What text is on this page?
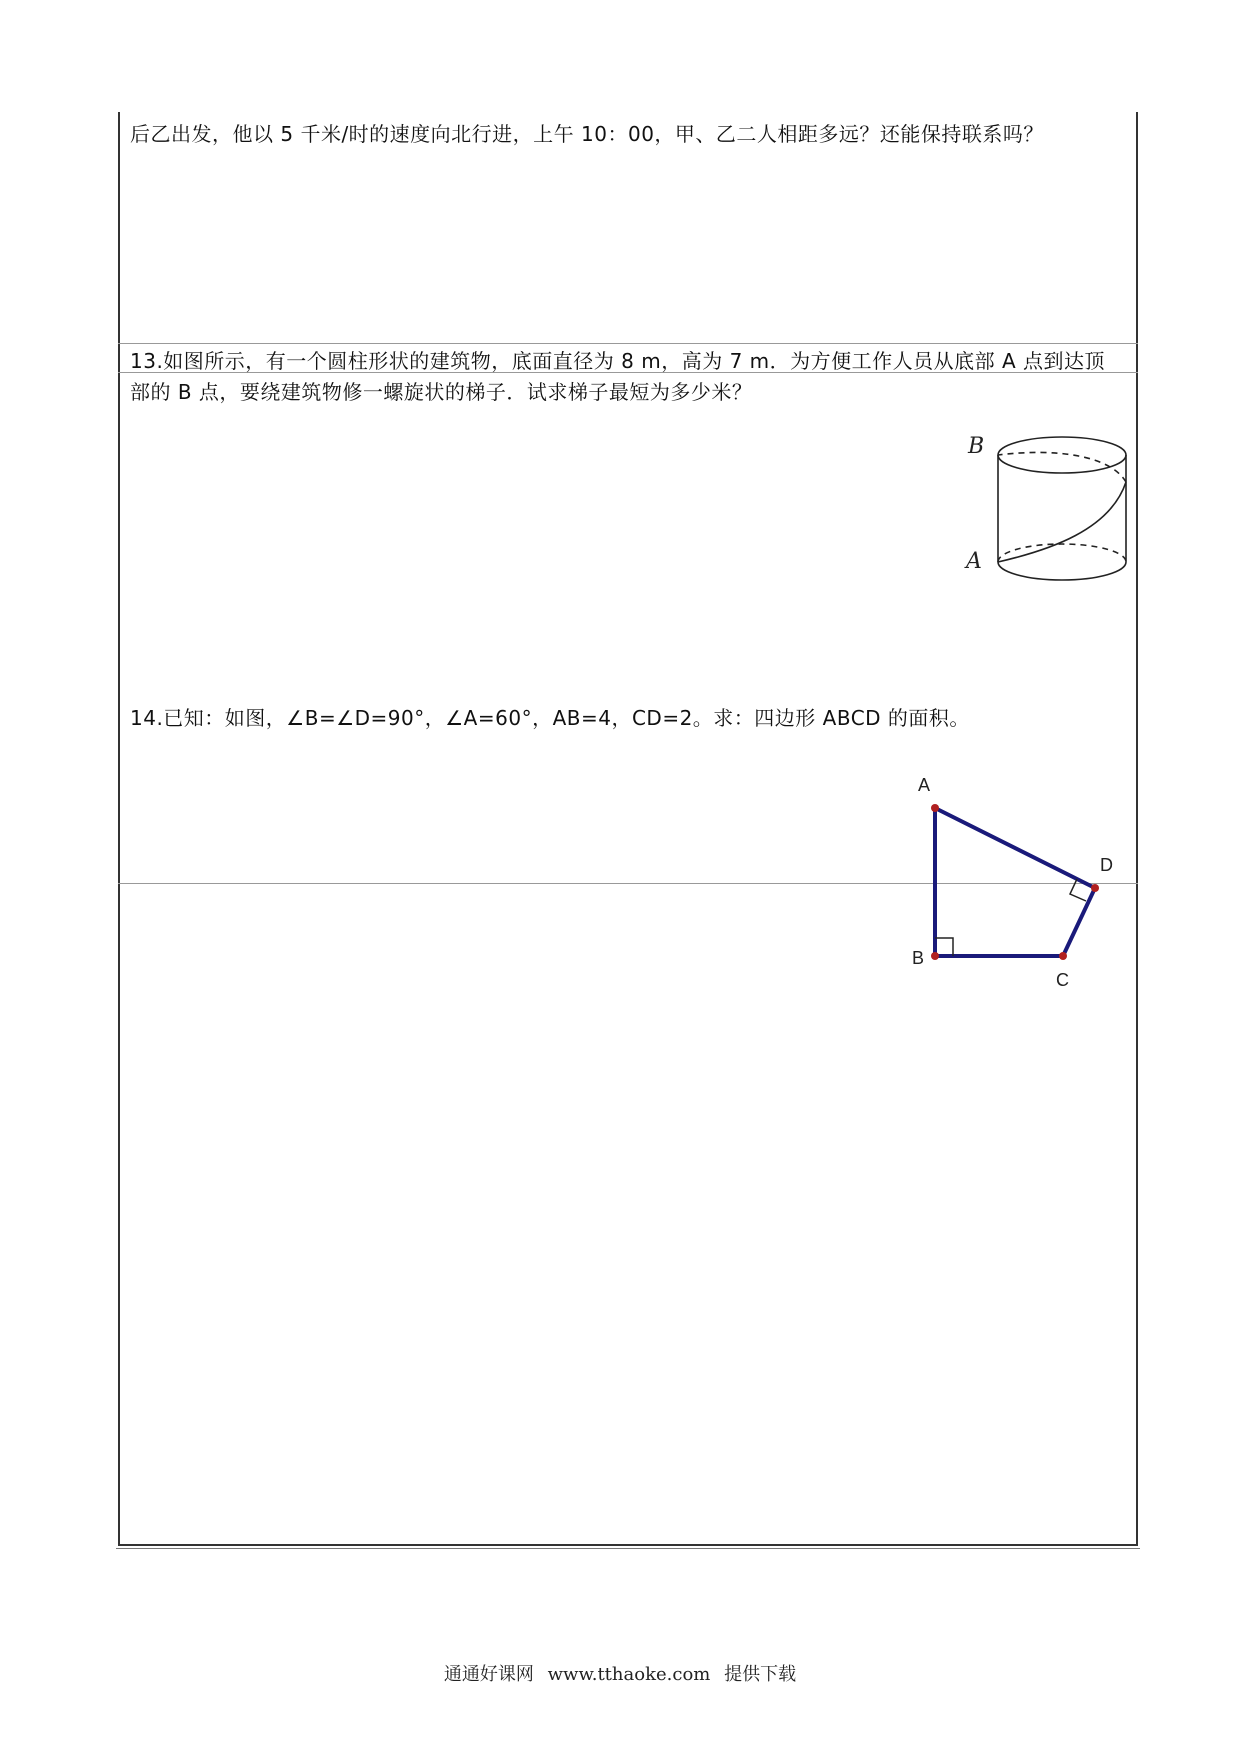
后乙出发，他以 5 千米/时的速度向北行进，上午 10：00，甲、乙二人相距多远？还能保持联系吗？
13.如图所示，有一个圆柱形状的建筑物，底面直径为 8 m，高为 7 m．为方便工作人员从底部 A 点到达顶
部的 B 点，要绕建筑物修一螺旋状的梯子．试求梯子最短为多少米？
B
A
14.已知：如图，∠B=∠D=90°，∠A=60°，AB=4，CD=2。求：四边形 ABCD 的面积。
A
D
B
C
通通好课网 www.tthaoke.com 提供下载
